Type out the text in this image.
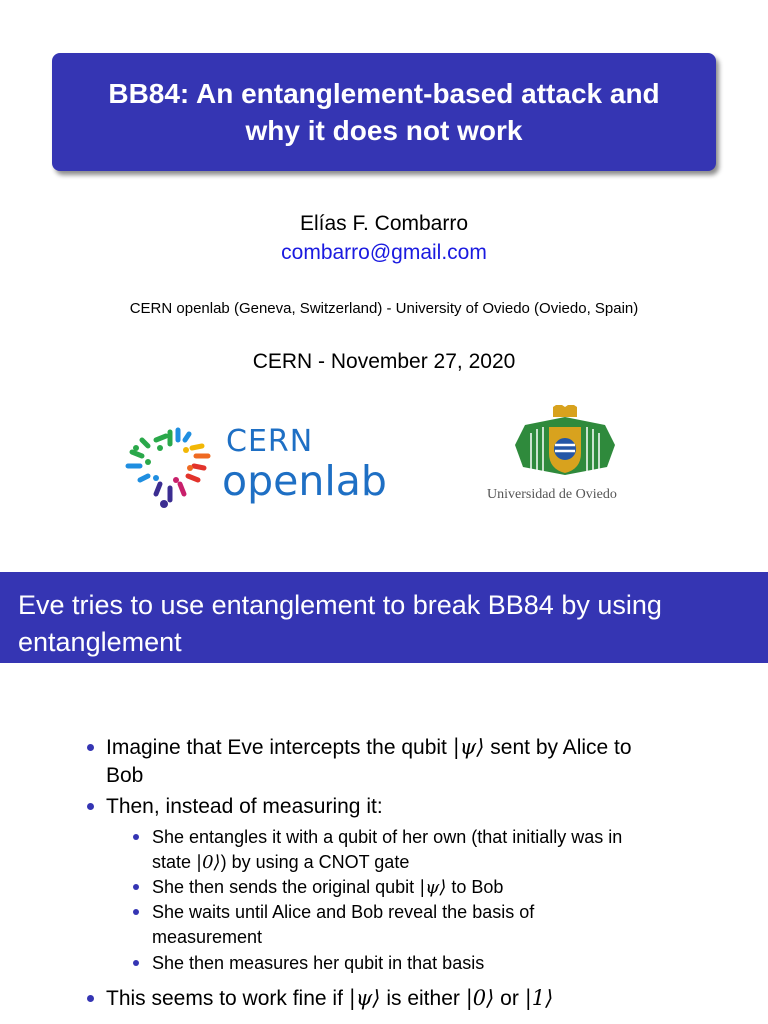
BB84: An entanglement-based attack and
why it does not work
Elías F. Combarro
combarro@gmail.com
CERN openlab (Geneva, Switzerland) - University of Oviedo (Oviedo, Spain)
CERN - November 27, 2020
CERN
openlab	Universidad de Oviedo
Eve tries to use entanglement to break BB84 by using
entanglement
Imagine that Eve intercepts the qubit |ψ⟩ sent by Alice to
Bob
Then, instead of measuring it:
She entangles it with a qubit of her own (that initially was in
state |0⟩) by using a CNOT gate
She then sends the original qubit |ψ⟩ to Bob
She waits until Alice and Bob reveal the basis of
measurement
She then measures her qubit in that basis
This seems to work fine if |ψ⟩ is either |0⟩ or |1⟩
